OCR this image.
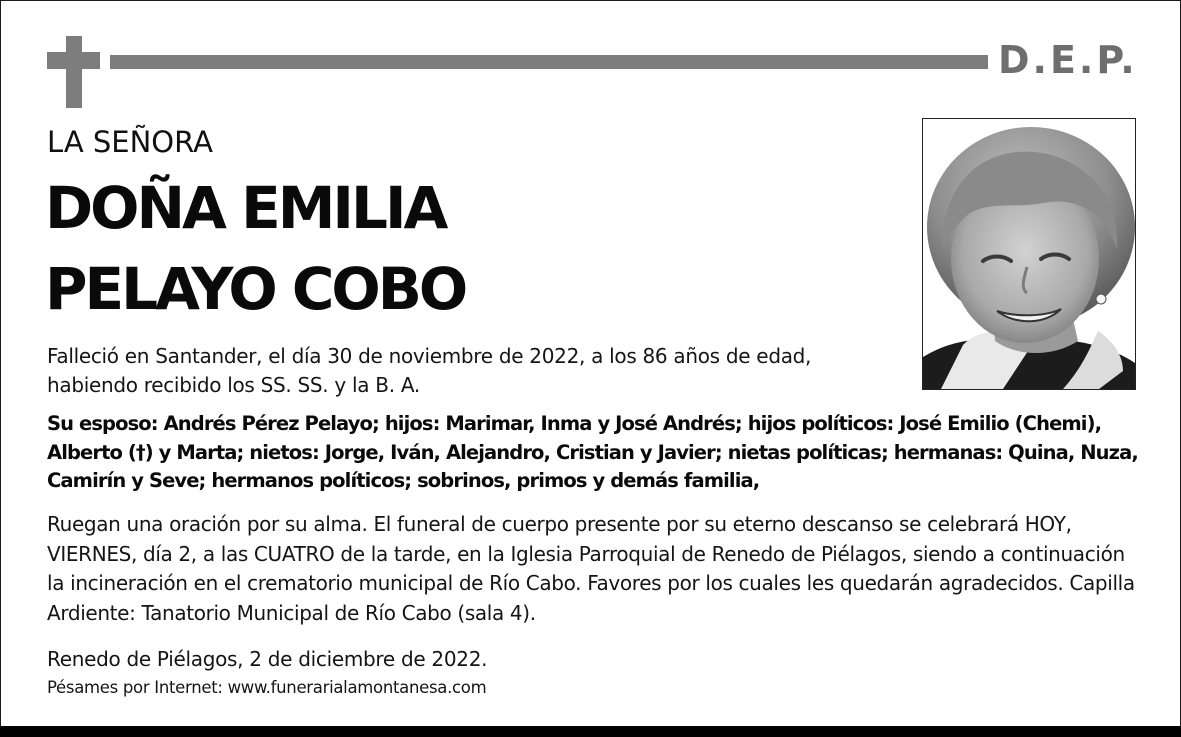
D.E.P.
LA SEÑORA
DOÑA EMILIA
PELAYO COBO
Falleció en Santander, el día 30 de noviembre de 2022, a los 86 años de edad, habiendo recibido los SS. SS. y la B. A.
Su esposo: Andrés Pérez Pelayo; hijos: Marimar, Inma y José Andrés; hijos políticos: José Emilio (Chemi), Alberto (†) y Marta; nietos: Jorge, Iván, Alejandro, Cristian y Javier; nietas políticas; hermanas: Quina, Nuza, Camirín y Seve; hermanos políticos; sobrinos, primos y demás familia,
Ruegan una oración por su alma. El funeral de cuerpo presente por su eterno descanso se celebrará HOY, VIERNES, día 2, a las CUATRO de la tarde, en la Iglesia Parroquial de Renedo de Piélagos, siendo a continuación la incineración en el crematorio municipal de Río Cabo. Favores por los cuales les quedarán agradecidos. Capilla Ardiente: Tanatorio Municipal de Río Cabo (sala 4).
Renedo de Piélagos, 2 de diciembre de 2022.
Pésames por Internet: www.funerarialamontanesa.com
